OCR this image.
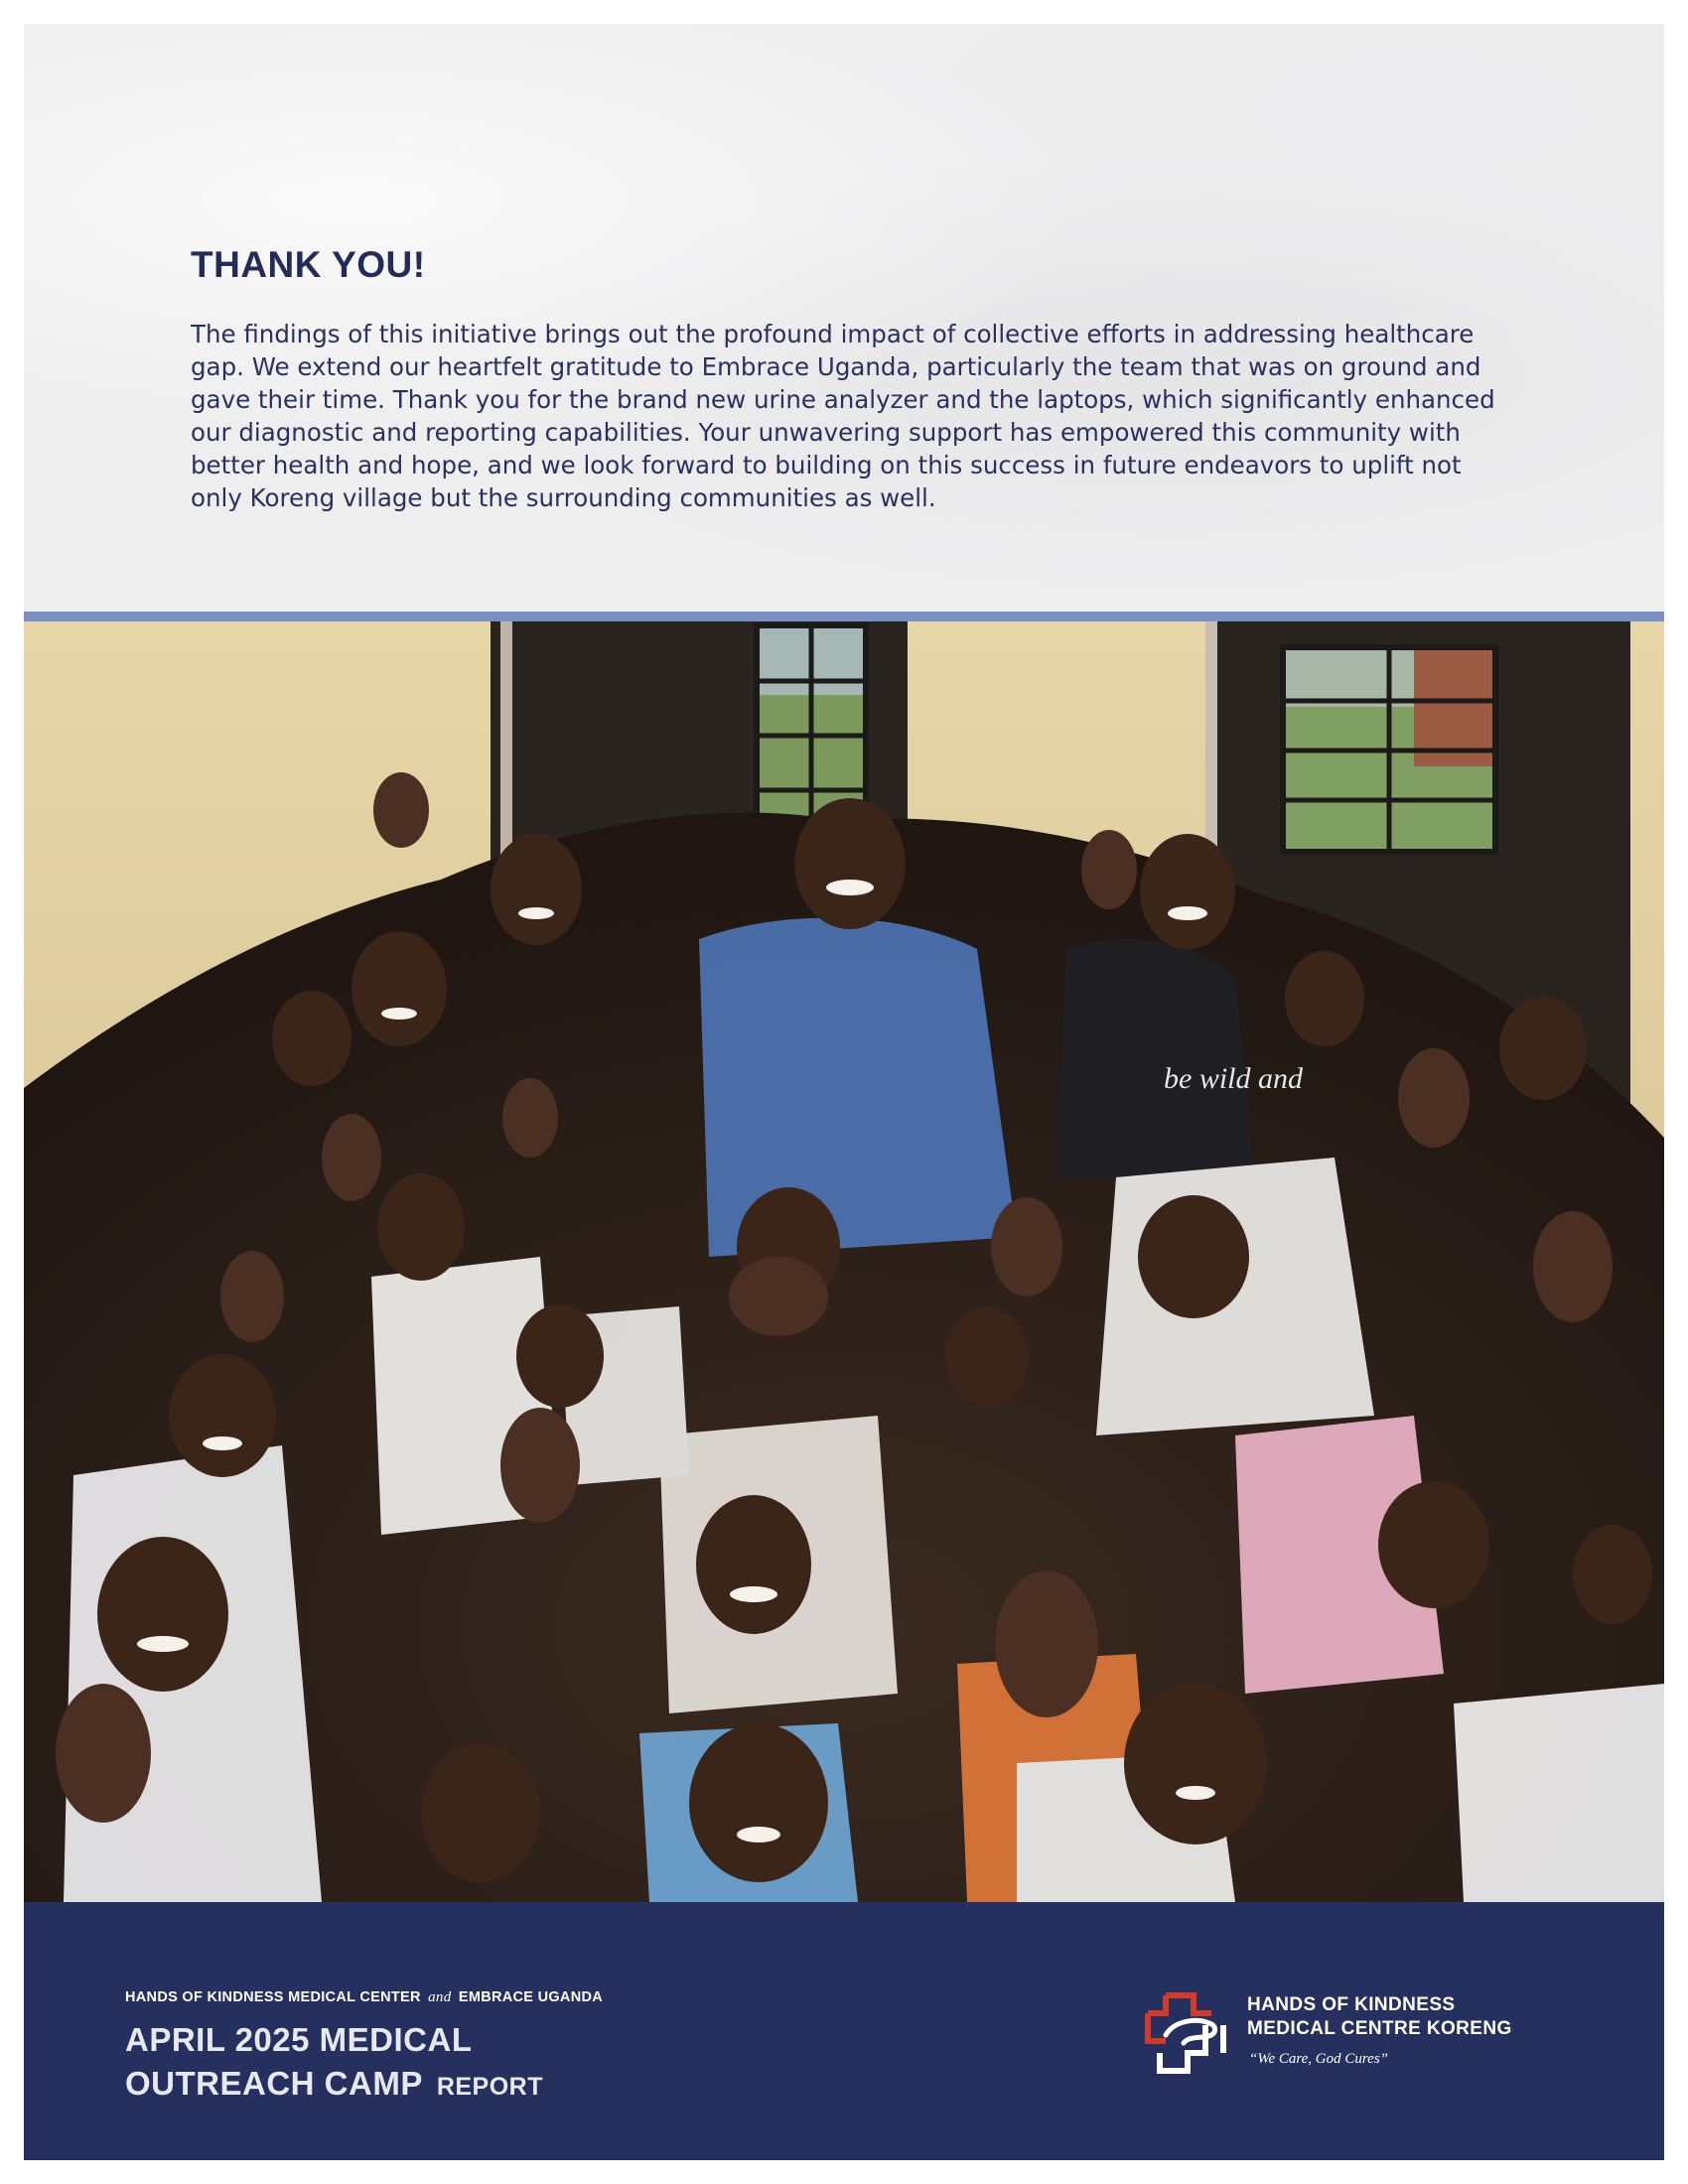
THANK YOU!

The findings of this initiative brings out the profound impact of collective efforts in addressing healthcare gap. We extend our heartfelt gratitude to Embrace Uganda, particularly the team that was on ground and gave their time. Thank you for the brand new urine analyzer and the laptops, which significantly enhanced our diagnostic and reporting capabilities. Your unwavering support has empowered this community with better health and hope, and we look forward to building on this success in future endeavors to uplift not only Koreng village but the surrounding communities as well.

be wild and
HANDS OF KINDNESS MEDICAL CENTER and EMBRACE UGANDA
APRIL 2025 MEDICAL
OUTREACH CAMP REPORT
HANDS OF KINDNESS
MEDICAL CENTRE KORENG
“We Care, God Cures”
